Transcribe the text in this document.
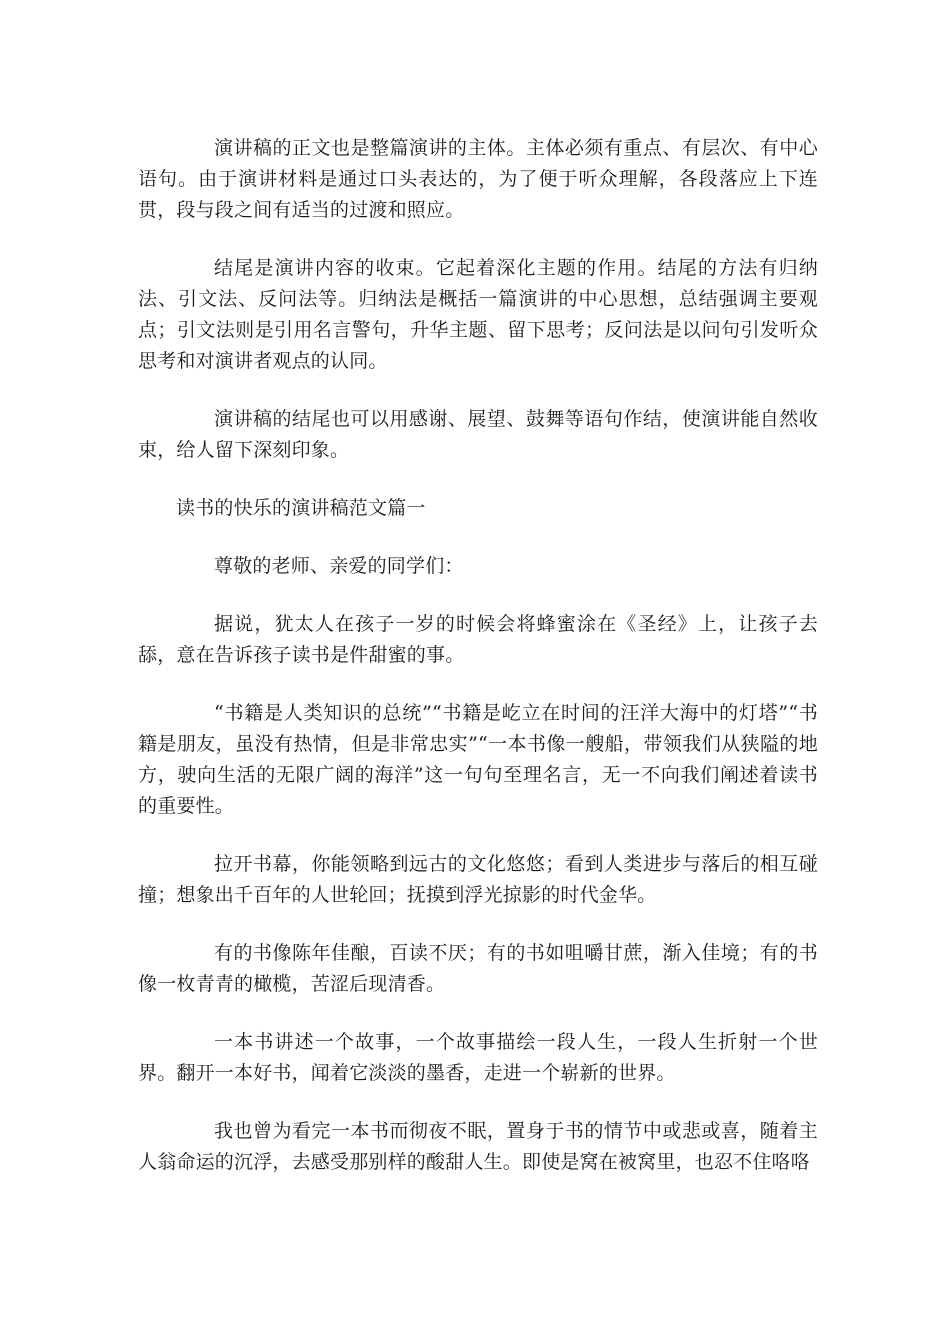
演讲稿的正文也是整篇演讲的主体。主体必须有重点、有层次、有中心语句。由于演讲材料是通过口头表达的，为了便于听众理解，各段落应上下连贯，段与段之间有适当的过渡和照应。

结尾是演讲内容的收束。它起着深化主题的作用。结尾的方法有归纳法、引文法、反问法等。归纳法是概括一篇演讲的中心思想，总结强调主要观点；引文法则是引用名言警句，升华主题、留下思考；反问法是以问句引发听众思考和对演讲者观点的认同。

演讲稿的结尾也可以用感谢、展望、鼓舞等语句作结，使演讲能自然收束，给人留下深刻印象。

读书的快乐的演讲稿范文篇一

尊敬的老师、亲爱的同学们：

据说，犹太人在孩子一岁的时候会将蜂蜜涂在《圣经》上，让孩子去舔，意在告诉孩子读书是件甜蜜的事。

“书籍是人类知识的总统”“书籍是屹立在时间的汪洋大海中的灯塔”“书籍是朋友，虽没有热情，但是非常忠实”“一本书像一艘船，带领我们从狭隘的地方，驶向生活的无限广阔的海洋”这一句句至理名言，无一不向我们阐述着读书的重要性。

拉开书幕，你能领略到远古的文化悠悠；看到人类进步与落后的相互碰撞；想象出千百年的人世轮回；抚摸到浮光掠影的时代金华。

有的书像陈年佳酿，百读不厌；有的书如咀嚼甘蔗，渐入佳境；有的书像一枚青青的橄榄，苦涩后现清香。

一本书讲述一个故事，一个故事描绘一段人生，一段人生折射一个世界。翻开一本好书，闻着它淡淡的墨香，走进一个崭新的世界。

我也曾为看完一本书而彻夜不眠，置身于书的情节中或悲或喜，随着主人翁命运的沉浮，去感受那别样的酸甜人生。即使是窝在被窝里，也忍不住咯咯
